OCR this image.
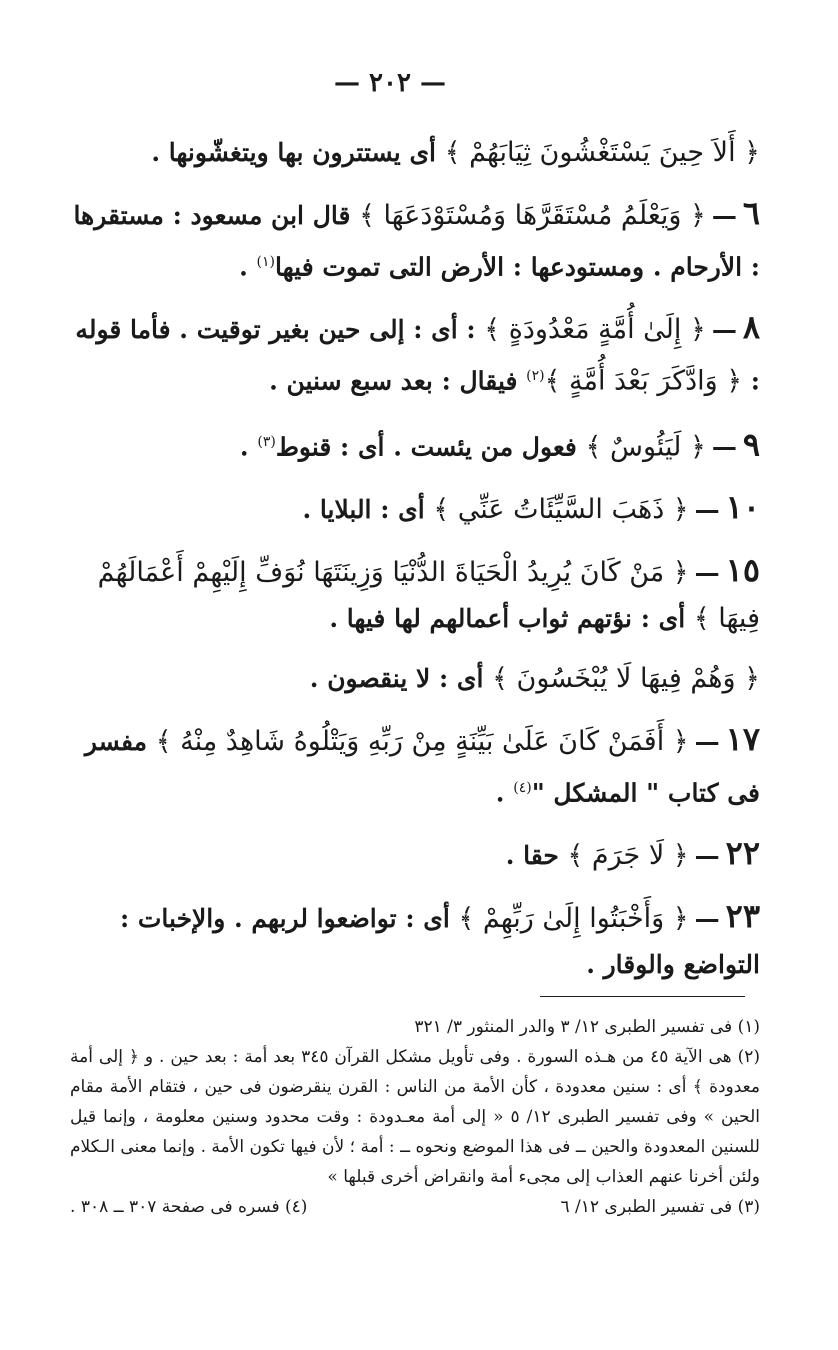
— ٢٠٢ —

﴿ أَلاَ حِينَ يَسْتَغْشُونَ ثِيَابَهُمْ ﴾ أى يستترون بها ويتغشّونها .

٦—﴿ وَيَعْلَمُ مُسْتَقَرَّهَا وَمُسْتَوْدَعَهَا ﴾ قال ابن مسعود : مستقرها : الأرحام . ومستودعها : الأرض التى تموت فيها$^{(١)}$ .

٨—﴿ إِلَىٰ أُمَّةٍ مَعْدُودَةٍ ﴾ : أى : إلى حين بغير توقيت . فأما قوله : ﴿ وَادَّكَرَ بَعْدَ أُمَّةٍ ﴾$^{(٢)}$ فيقال : بعد سبع سنين .

٩—﴿ لَيَئُوسٌ ﴾ فعول من يئست . أى : قنوط$^{(٣)}$ .

١٠—﴿ ذَهَبَ السَّيِّئَاتُ عَنِّي ﴾ أى : البلايا .

١٥—﴿ مَنْ كَانَ يُرِيدُ الْحَيَاةَ الدُّنْيَا وَزِينَتَهَا نُوَفِّ إِلَيْهِمْ أَعْمَالَهُمْ فِيهَا ﴾ أى : نؤتهم ثواب أعمالهم لها فيها .

﴿ وَهُمْ فِيهَا لَا يُبْخَسُونَ ﴾ أى : لا ينقصون .

١٧—﴿ أَفَمَنْ كَانَ عَلَىٰ بَيِّنَةٍ مِنْ رَبِّهِ وَيَتْلُوهُ شَاهِدٌ مِنْهُ ﴾ مفسر فى كتاب " المشكل "$^{(٤)}$ .

٢٢—﴿ لَا جَرَمَ ﴾ حقا .

٢٣—﴿ وَأَخْبَتُوا إِلَىٰ رَبِّهِمْ ﴾ أى : تواضعوا لربهم . والإخبات : التواضع والوقار .

(١) فى تفسير الطبرى ١٢/ ٣ والدر المنثور ٣/ ٣٢١

(٢) هى الآية ٤٥ من هـذه السورة . وفى تأويل مشكل القرآن ٣٤٥ بعد أمة : بعد حين . و ﴿ إلى أمة معدودة ﴾ أى : سنين معدودة ، كأن الأمة من الناس : القرن ينقرضون فى حين ، فتقام الأمة مقام الحين » وفى تفسير الطبرى ١٢/ ٥ « إلى أمة معـدودة : وقت محدود وسنين معلومة ، وإنما قيل للسنين المعدودة والحين ــ فى هذا الموضع ونحوه ــ : أمة ؛ لأن فيها تكون الأمة . وإنما معنى الـكلام ولئن أخرنا عنهم العذاب إلى مجىء أمة وانقراض أخرى قبلها »

(٣) فى تفسير الطبرى ١٢/ ٦
(٤) فسره فى صفحة ٣٠٧ ــ ٣٠٨ .
